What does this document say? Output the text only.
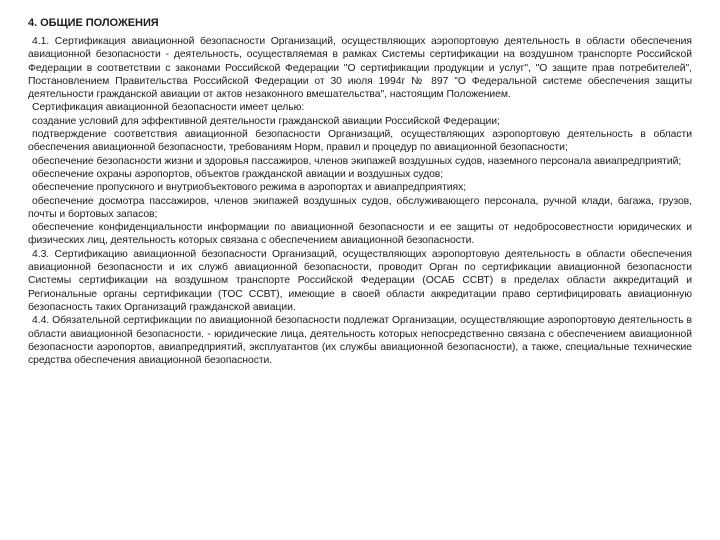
4. ОБЩИЕ ПОЛОЖЕНИЯ

4.1. Сертификация авиационной безопасности Организаций, осуществляющих аэропортовую деятельность в области обеспечения авиационной безопасности - деятельность, осуществляемая в рамках Системы сертификации на воздушном транспорте Российской Федерации в соответствии с законами Российской Федерации "О сертификации продукции и услуг", "О защите прав потребителей", Постановлением Правительства Российской Федерации от 30 июля 1994г № 897 "О Федеральной системе обеспечения защиты деятельности гражданской авиации от актов незаконного вмешательства", настоящим Положением.

Сертификация авиационной безопасности имеет целью:

создание условий для эффективной деятельности гражданской авиации Российской Федерации;

подтверждение соответствия авиационной безопасности Организаций, осуществляющих аэропортовую деятельность в области обеспечения авиационной безопасности, требованиям Норм, правил и процедур по авиационной безопасности;

обеспечение безопасности жизни и здоровья пассажиров, членов экипажей воздушных судов, наземного персонала авиапредприятий;

обеспечение охраны аэропортов, объектов гражданской авиации и воздушных судов;

обеспечение пропускного и внутриобъектового режима в аэропортах и авиапредприятиях;

обеспечение досмотра пассажиров, членов экипажей воздушных судов, обслуживающего персонала, ручной клади, багажа, грузов, почты и бортовых запасов;

обеспечение конфиденциальности информации по авиационной безопасности и ее защиты от недобросовестности юридических и физических лиц, деятельность которых связана с обеспечением авиационной безопасности.

4.3. Сертификацию авиационной безопасности Организаций, осуществляющих аэропортовую деятельность в области обеспечения авиационной безопасности и их служб авиационной безопасности, проводит Орган по сертификации авиационной безопасности Системы сертификации на воздушном транспорте Российской Федерации (ОСАБ ССВТ) в пределах области аккредитаций и Региональные органы сертификации (ТОС ССВТ), имеющие в своей области аккредитации право сертифицировать авиационную безопасность таких Организаций гражданской авиации.

4.4. Обязательной сертификации по авиационной безопасности подлежат Организации, осуществляющие аэропортовую деятельность в области авиационной безопасности. - юридические лица, деятельность которых непосредственно связана с обеспечением авиационной безопасности аэропортов, авиапредприятий, эксплуатантов (их службы авиационной безопасности), а также, специальные технические средства обеспечения авиационной безопасности.
